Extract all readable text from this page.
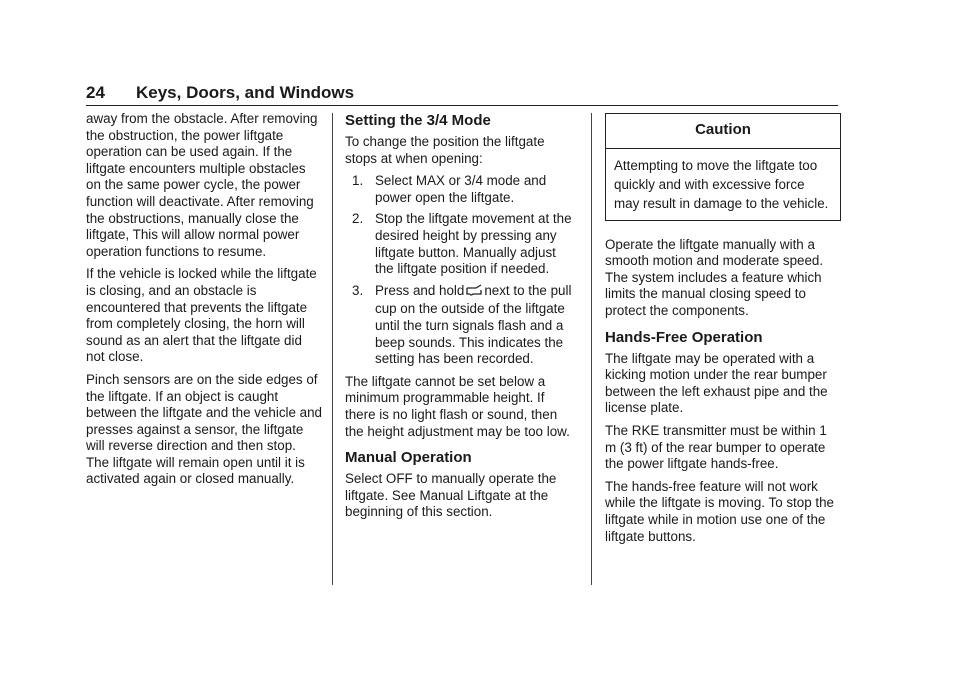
24 Keys, Doors, and Windows

away from the obstacle. After removing the obstruction, the power liftgate operation can be used again. If the liftgate encounters multiple obstacles on the same power cycle, the power function will deactivate. After removing the obstructions, manually close the liftgate, This will allow normal power operation functions to resume.

If the vehicle is locked while the liftgate is closing, and an obstacle is encountered that prevents the liftgate from completely closing, the horn will sound as an alert that the liftgate did not close.

Pinch sensors are on the side edges of the liftgate. If an object is caught between the liftgate and the vehicle and presses against a sensor, the liftgate will reverse direction and then stop. The liftgate will remain open until it is activated again or closed manually.

Setting the 3/4 Mode

To change the position the liftgate stops at when opening:

1. Select MAX or 3/4 mode and power open the liftgate.
2. Stop the liftgate movement at the desired height by pressing any liftgate button. Manually adjust the liftgate position if needed.
3. Press and hold next to the pull cup on the outside of the liftgate until the turn signals flash and a beep sounds. This indicates the setting has been recorded.

The liftgate cannot be set below a minimum programmable height. If there is no light flash or sound, then the height adjustment may be too low.

Manual Operation

Select OFF to manually operate the liftgate. See Manual Liftgate at the beginning of this section.

Caution
Attempting to move the liftgate too quickly and with excessive force may result in damage to the vehicle.

Operate the liftgate manually with a smooth motion and moderate speed. The system includes a feature which limits the manual closing speed to protect the components.

Hands-Free Operation

The liftgate may be operated with a kicking motion under the rear bumper between the left exhaust pipe and the license plate.

The RKE transmitter must be within 1 m (3 ft) of the rear bumper to operate the power liftgate hands-free.

The hands-free feature will not work while the liftgate is moving. To stop the liftgate while in motion use one of the liftgate buttons.
